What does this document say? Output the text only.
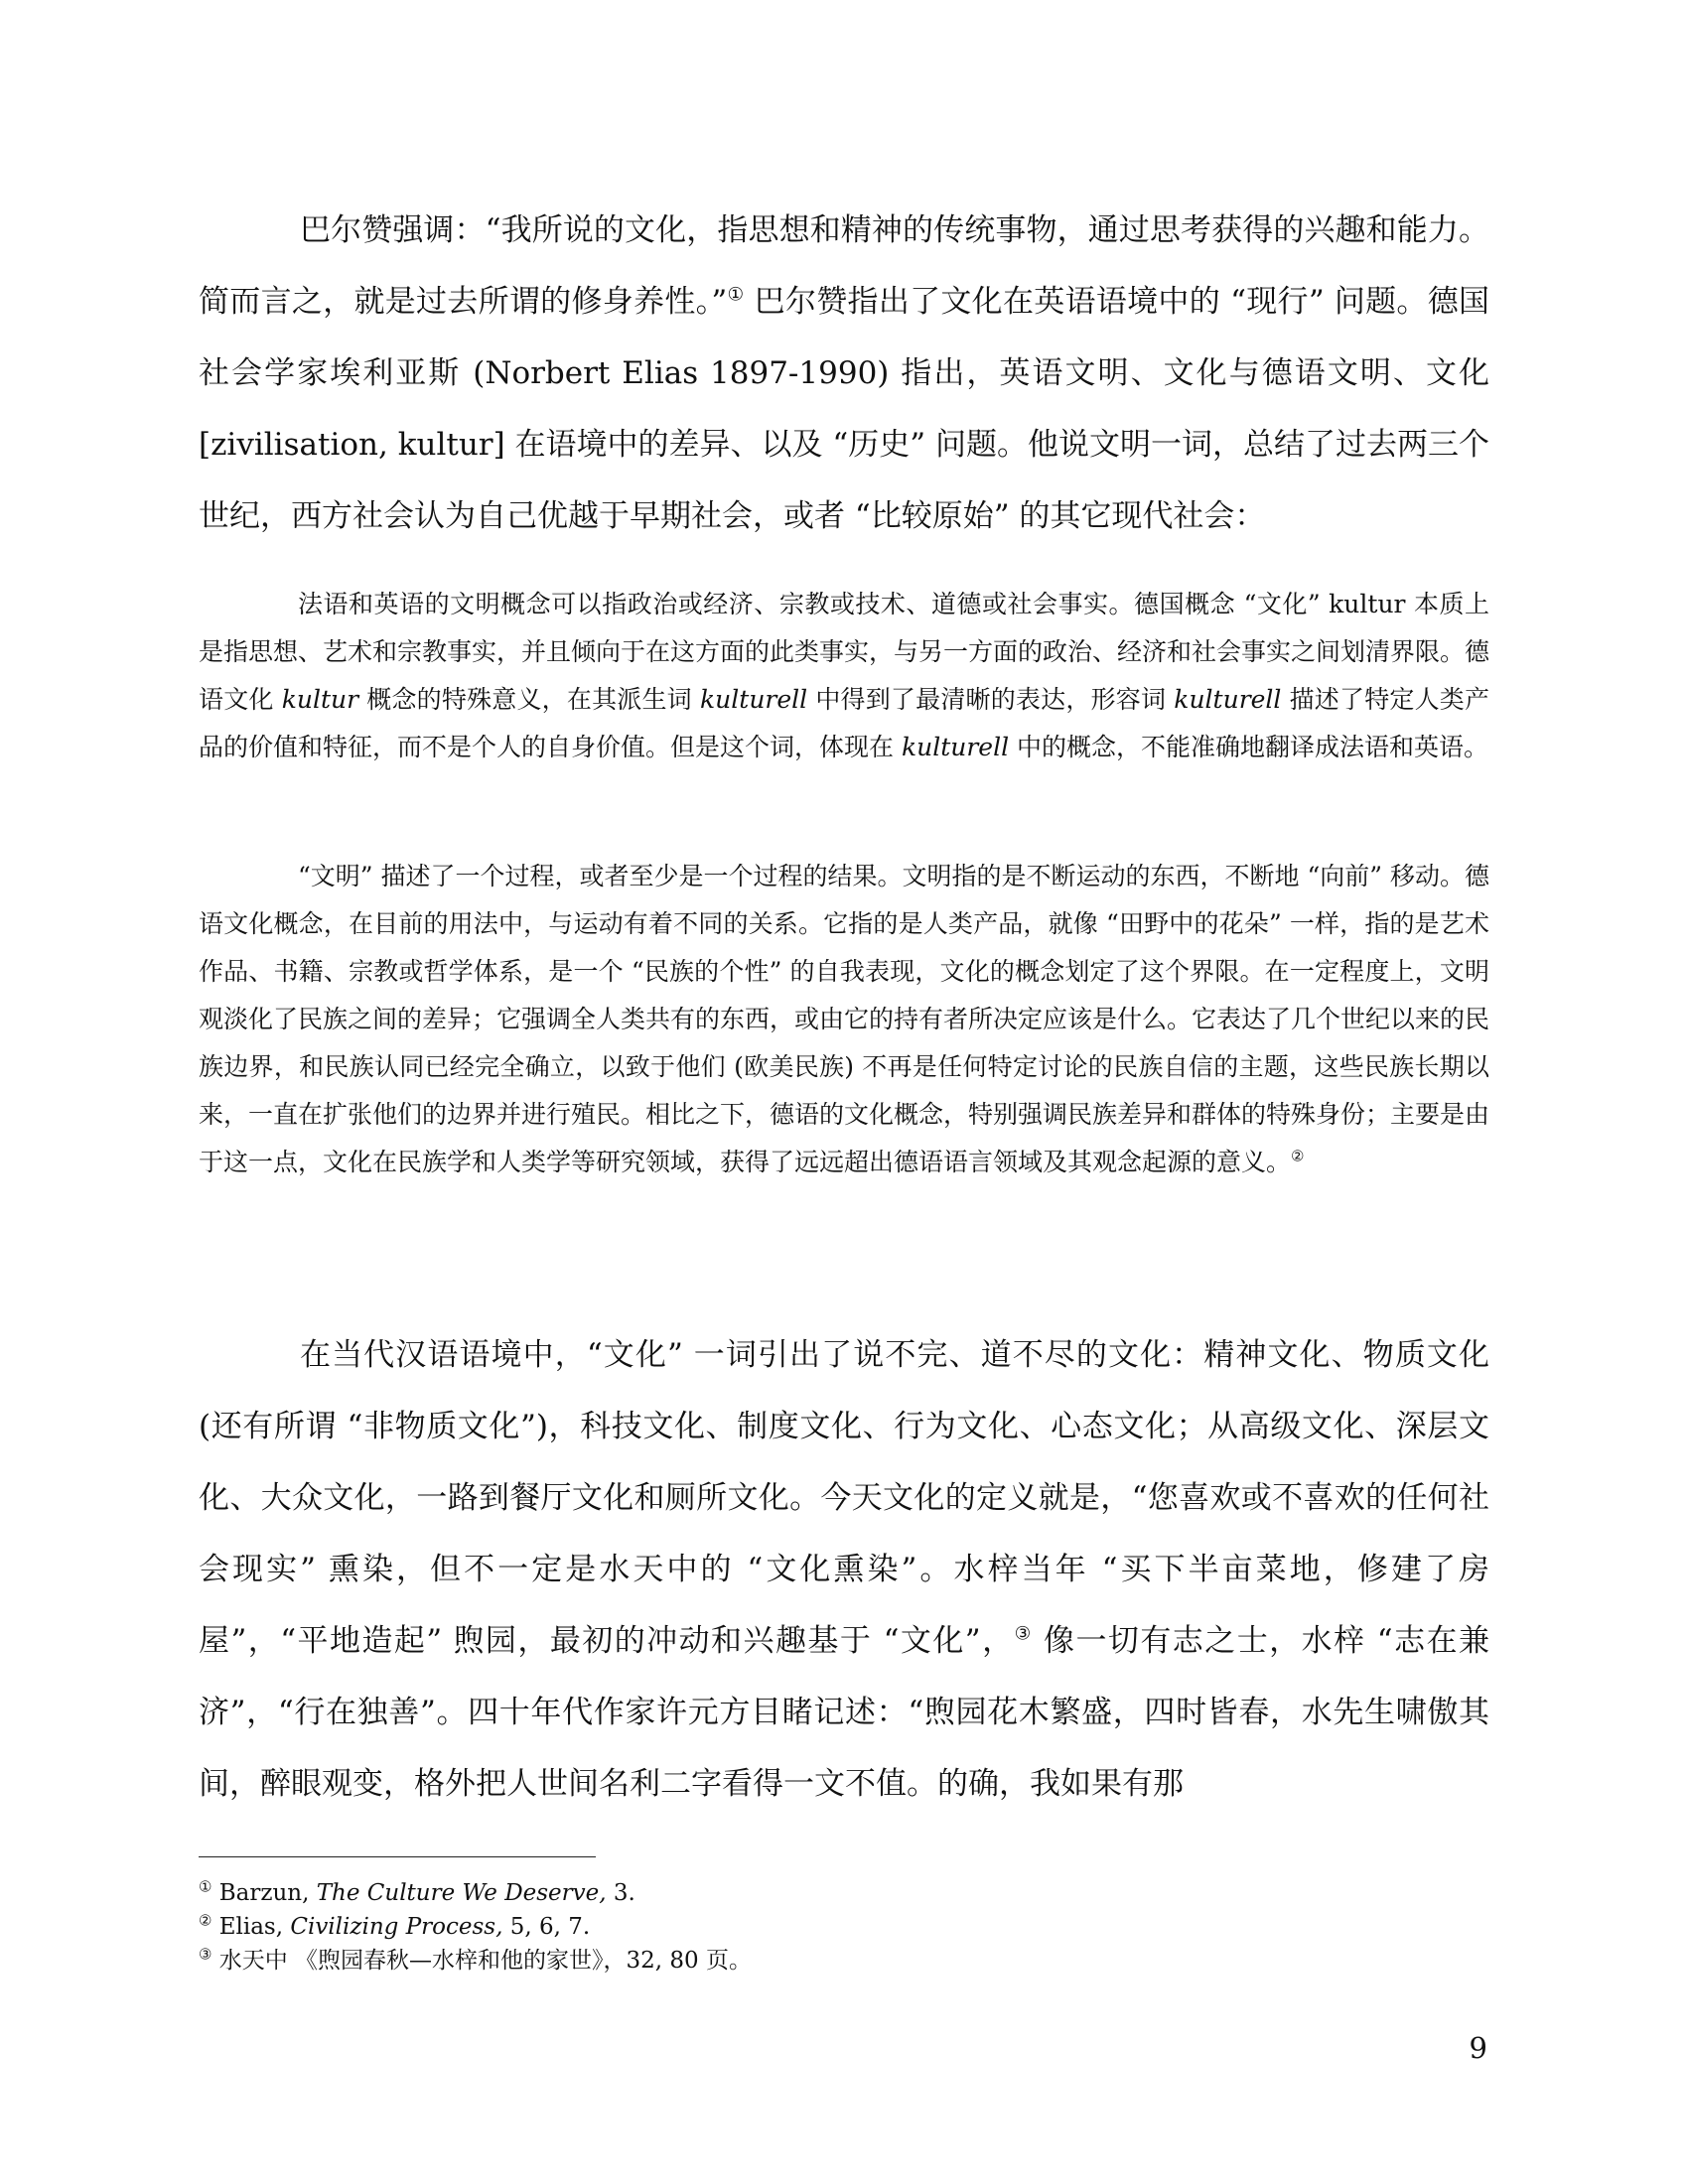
巴尔赞强调：“我所说的文化，指思想和精神的传统事物，通过思考获得的兴趣和能力。简而言之，就是过去所谓的修身养性。”① 巴尔赞指出了文化在英语语境中的 “现行” 问题。德国社会学家埃利亚斯 (Norbert Elias 1897-1990) 指出，英语文明、文化与德语文明、文化 [zivilisation, kultur] 在语境中的差异、以及 “历史” 问题。他说文明一词，总结了过去两三个世纪，西方社会认为自己优越于早期社会，或者 “比较原始” 的其它现代社会：

法语和英语的文明概念可以指政治或经济、宗教或技术、道德或社会事实。德国概念 “文化” kultur 本质上是指思想、艺术和宗教事实，并且倾向于在这方面的此类事实，与另一方面的政治、经济和社会事实之间划清界限。德语文化 kultur 概念的特殊意义，在其派生词 kulturell 中得到了最清晰的表达，形容词 kulturell 描述了特定人类产品的价值和特征，而不是个人的自身价值。但是这个词，体现在 kulturell 中的概念，不能准确地翻译成法语和英语。

“文明” 描述了一个过程，或者至少是一个过程的结果。文明指的是不断运动的东西，不断地 “向前” 移动。德语文化概念，在目前的用法中，与运动有着不同的关系。它指的是人类产品，就像 “田野中的花朵” 一样，指的是艺术作品、书籍、宗教或哲学体系，是一个 “民族的个性” 的自我表现，文化的概念划定了这个界限。在一定程度上，文明观淡化了民族之间的差异；它强调全人类共有的东西，或由它的持有者所决定应该是什么。它表达了几个世纪以来的民族边界，和民族认同已经完全确立，以致于他们 (欧美民族) 不再是任何特定讨论的民族自信的主题，这些民族长期以来，一直在扩张他们的边界并进行殖民。相比之下，德语的文化概念，特别强调民族差异和群体的特殊身份；主要是由于这一点，文化在民族学和人类学等研究领域，获得了远远超出德语语言领域及其观念起源的意义。②

在当代汉语语境中，“文化” 一词引出了说不完、道不尽的文化：精神文化、物质文化 (还有所谓 “非物质文化”)，科技文化、制度文化、行为文化、心态文化；从高级文化、深层文化、大众文化，一路到餐厅文化和厕所文化。今天文化的定义就是，“您喜欢或不喜欢的任何社会现实” 熏染，但不一定是水天中的 “文化熏染”。水梓当年 “买下半亩菜地，修建了房屋”，“平地造起” 煦园，最初的冲动和兴趣基于 “文化”，③ 像一切有志之士，水梓 “志在兼济”，“行在独善”。四十年代作家许元方目睹记述：“煦园花木繁盛，四时皆春，水先生啸傲其间，醉眼观变，格外把人世间名利二字看得一文不值。的确，我如果有那

① Barzun, The Culture We Deserve, 3.

② Elias, Civilizing Process, 5, 6, 7.

③ 水天中 《煦园春秋—水梓和他的家世》，32, 80 页。

9
